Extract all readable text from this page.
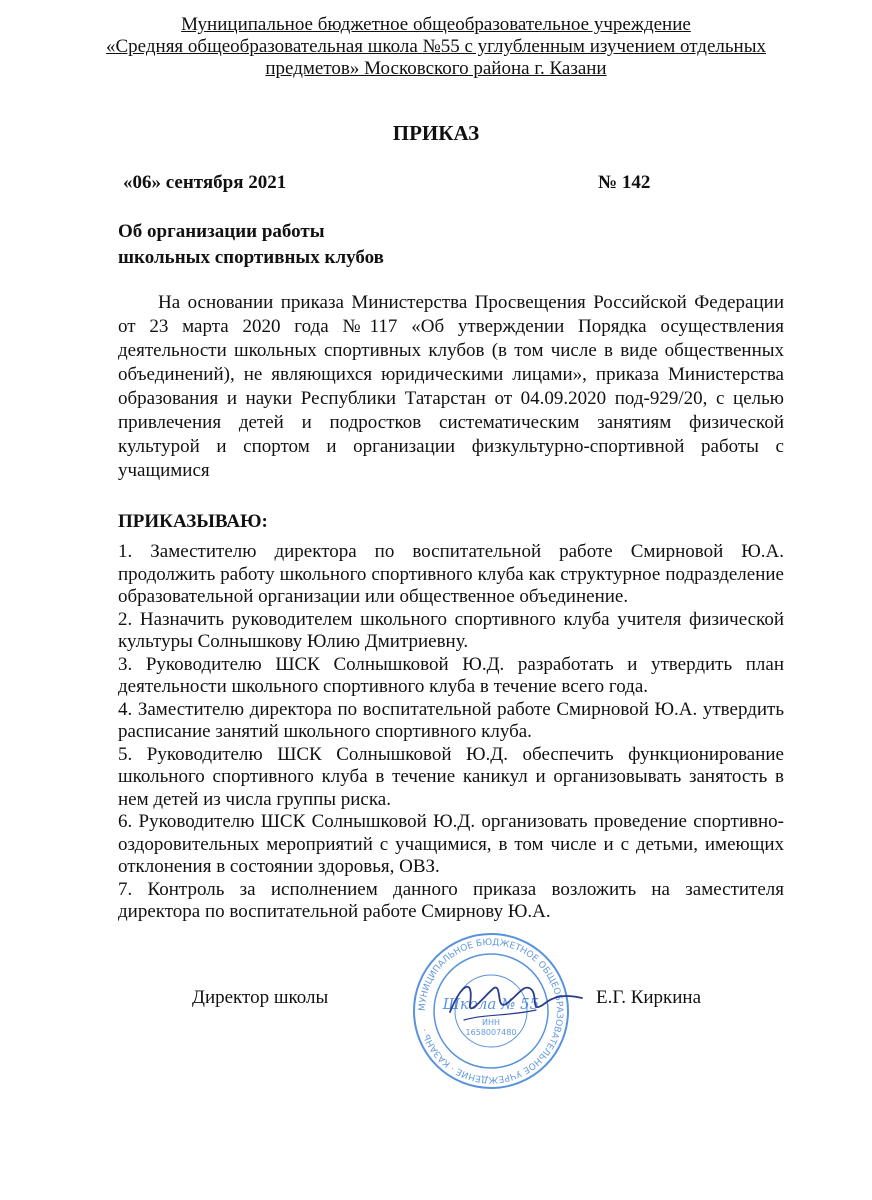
Муниципальное бюджетное общеобразовательное учреждение
«Средняя общеобразовательная школа №55 с углубленным изучением отдельных
предметов» Московского района г. Казани
ПРИКАЗ
«06» сентября 2021	№ 142
Об организации работы
школьных спортивных клубов

На основании приказа Министерства Просвещения Российской Федерации от 23 марта 2020 года №117 «Об утверждении Порядка осуществления деятельности школьных спортивных клубов (в том числе в виде общественных объединений), не являющихся юридическими лицами», приказа Министерства образования и науки Республики Татарстан от 04.09.2020 под-929/20, с целью привлечения детей и подростков систематическим занятиям физической культурой и спортом и организации физкультурно-спортивной работы с учащимися

ПРИКАЗЫВАЮ:
1. Заместителю директора по воспитательной работе Смирновой Ю.А. продолжить работу школьного спортивного клуба как структурное подразделение образовательной организации или общественное объединение.
2. Назначить руководителем школьного спортивного клуба учителя физической культуры Солнышкову Юлию Дмитриевну.
3. Руководителю ШСК Солнышковой Ю.Д. разработать и утвердить план деятельности школьного спортивного клуба в течение всего года.
4. Заместителю директора по воспитательной работе Смирновой Ю.А. утвердить расписание занятий школьного спортивного клуба.
5. Руководителю ШСК Солнышковой Ю.Д. обеспечить функционирование школьного спортивного клуба в течение каникул и организовывать занятость в нем детей из числа группы риска.
6. Руководителю ШСК Солнышковой Ю.Д. организовать проведение спортивно-оздоровительных мероприятий с учащимися, в том числе и с детьми, имеющих отклонения в состоянии здоровья, ОВЗ.
7. Контроль за исполнением данного приказа возложить на заместителя директора по воспитательной работе Смирнову Ю.А.
Директор школы	МУНИЦИПАЛЬНОЕ БЮДЖЕТНОЕ ОБЩЕОБРАЗОВАТЕЛЬНОЕ УЧРЕЖДЕНИЕ · КАЗАНЬ ·
Школа № 55
ИНН
1658007480
Е.Г. Киркина
